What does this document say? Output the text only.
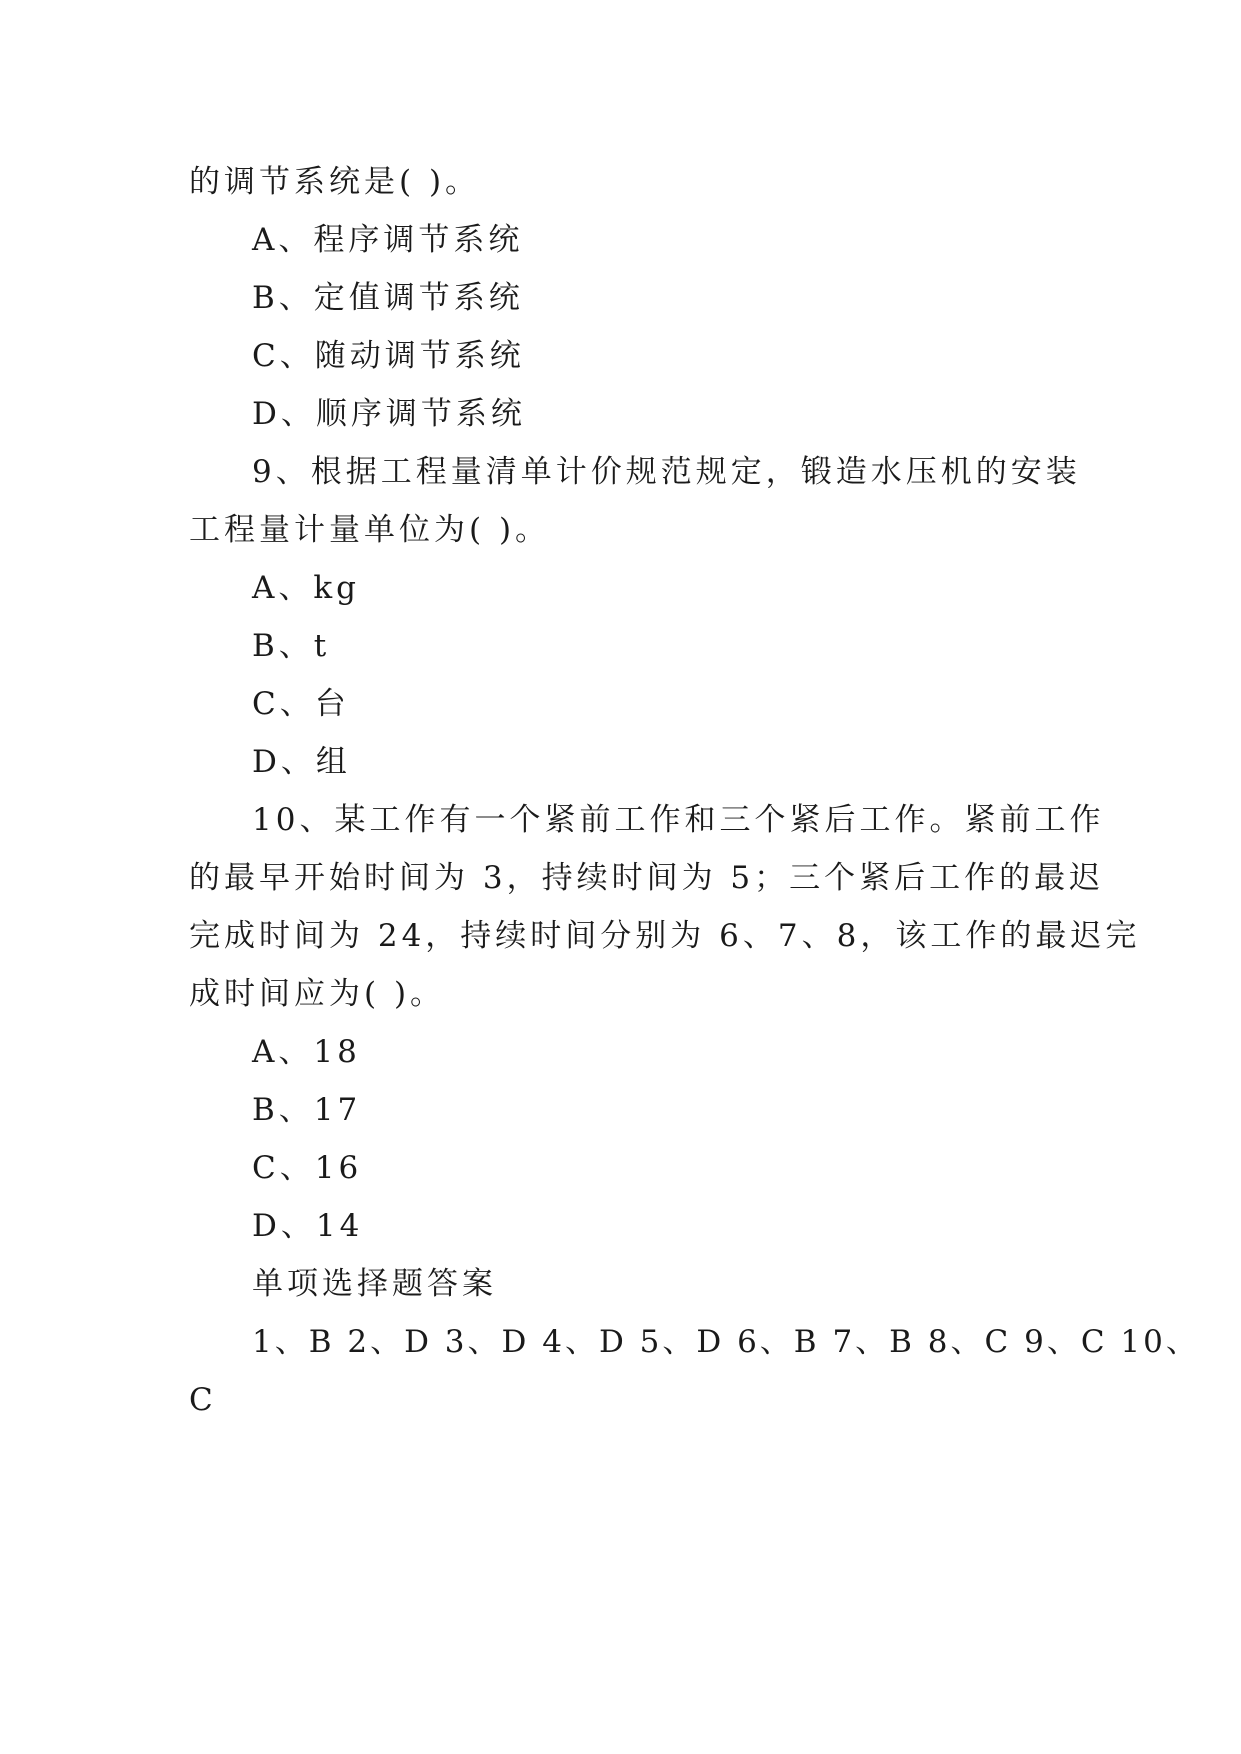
的调节系统是( )。

A、程序调节系统

B、定值调节系统

C、随动调节系统

D、顺序调节系统

9、根据工程量清单计价规范规定，锻造水压机的安装

工程量计量单位为( )。

A、kg

B、t

C、台

D、组

10、某工作有一个紧前工作和三个紧后工作。紧前工作

的最早开始时间为 3，持续时间为 5；三个紧后工作的最迟

完成时间为 24，持续时间分别为 6、7、8，该工作的最迟完

成时间应为( )。

A、18

B、17

C、16

D、14

单项选择题答案

1、B 2、D 3、D 4、D 5、D 6、B 7、B 8、C 9、C 10、

C
